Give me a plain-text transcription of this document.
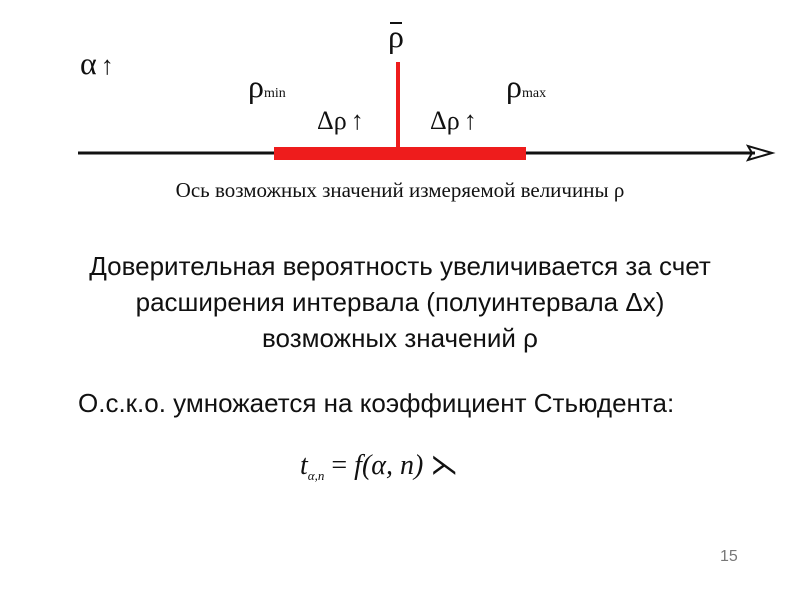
α ↑
ρ
ρmin	ρmax
Δρ ↑	Δρ ↑
Ось возможных значений измеряемой величины ρ
Доверительная вероятность увеличивается за счет
расширения интервала (полуинтервала Δx)
возможных значений ρ
О.с.к.о. умножается на коэффициент Стьюдента:
$t_{\alpha,n} = f(\alpha$, n) ⋋
15
